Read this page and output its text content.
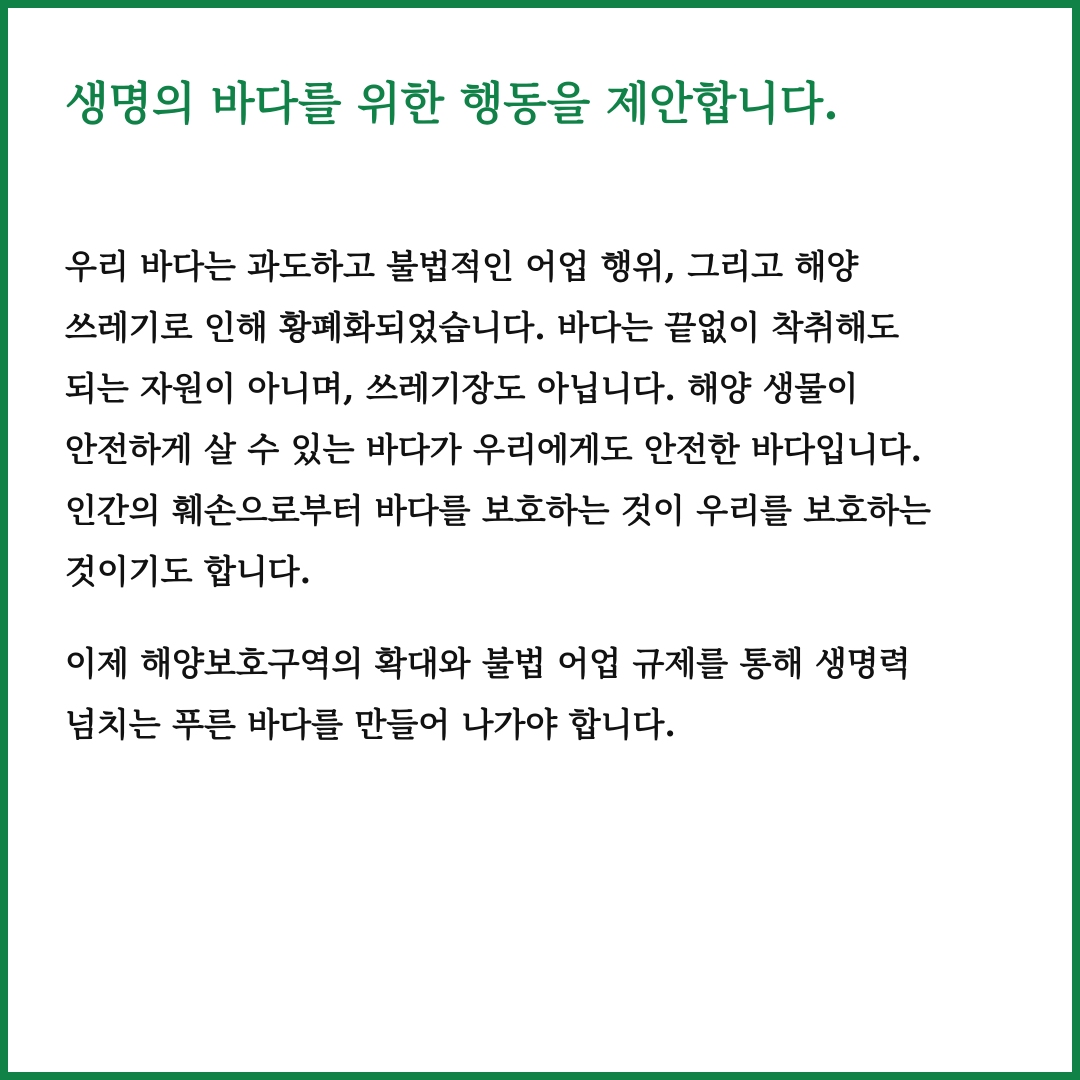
생명의 바다를 위한 행동을 제안합니다.
우리 바다는 과도하고 불법적인 어업 행위, 그리고 해양
쓰레기로 인해 황폐화되었습니다. 바다는 끝없이 착취해도
되는 자원이 아니며, 쓰레기장도 아닙니다. 해양 생물이
안전하게 살 수 있는 바다가 우리에게도 안전한 바다입니다.
인간의 훼손으로부터 바다를 보호하는 것이 우리를 보호하는
것이기도 합니다.
이제 해양보호구역의 확대와 불법 어업 규제를 통해 생명력
넘치는 푸른 바다를 만들어 나가야 합니다.
